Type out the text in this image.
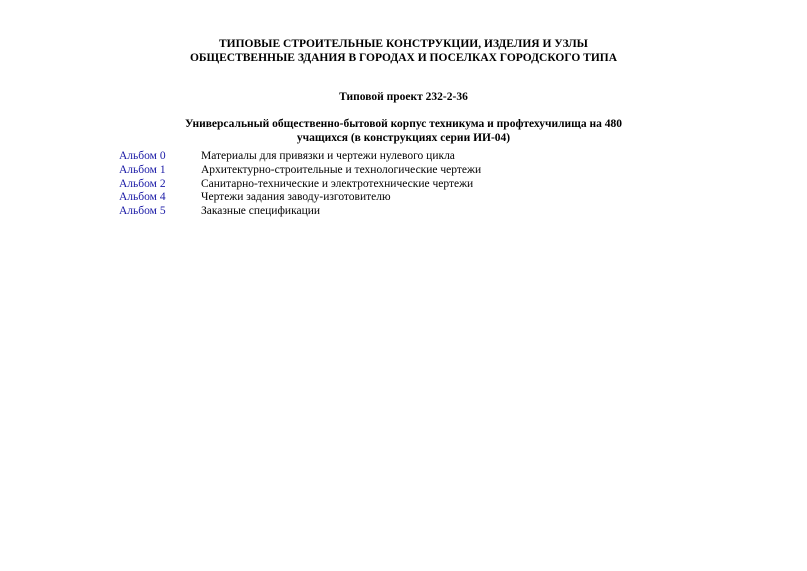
ТИПОВЫЕ СТРОИТЕЛЬНЫЕ КОНСТРУКЦИИ, ИЗДЕЛИЯ И УЗЛЫ
ОБЩЕСТВЕННЫЕ ЗДАНИЯ В ГОРОДАХ И ПОСЕЛКАХ ГОРОДСКОГО ТИПА
Типовой проект 232-2-36
Универсальный общественно-бытовой корпус техникума и профтехучилища на 480
учащихся (в конструкциях серии ИИ-04)
Альбом 0	Материалы для привязки и чертежи нулевого цикла
Альбом 1	Архитектурно-строительные и технологические чертежи
Альбом 2	Санитарно-технические и электротехнические чертежи
Альбом 4	Чертежи задания заводу-изготовителю
Альбом 5	Заказные спецификации
